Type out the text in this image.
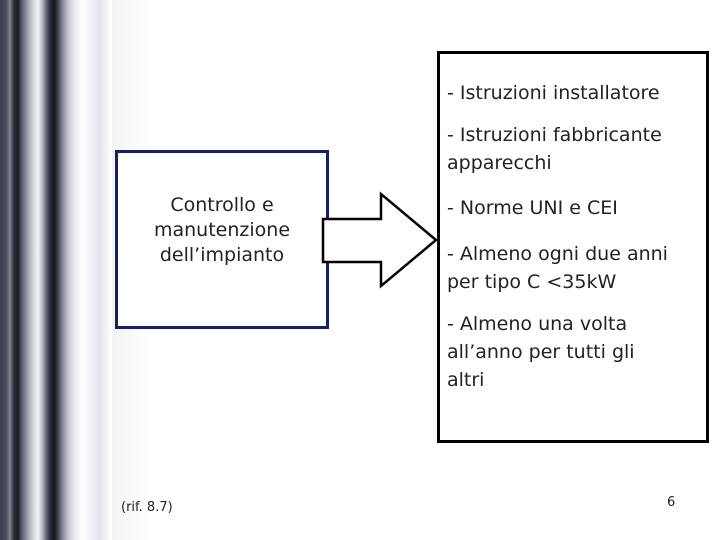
Controllo e
manutenzione
dell’impianto
- Istruzioni installatore
- Istruzioni fabbricante
apparecchi
- Norme UNI e CEI
- Almeno ogni due anni
per tipo C <35kW
- Almeno una volta
all’anno per tutti gli
altri
(rif. 8.7)	6
